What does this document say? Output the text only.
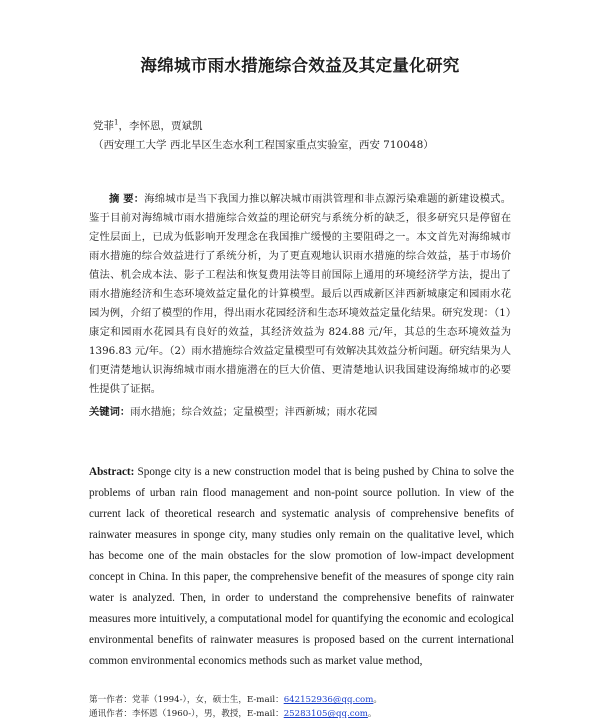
海绵城市雨水措施综合效益及其定量化研究

党菲$^1$，李怀恩，贾斌凯

（西安理工大学 西北旱区生态水利工程国家重点实验室，西安 710048）

摘 要：海绵城市是当下我国力推以解决城市雨洪管理和非点源污染难题的新建设模式。鉴于目前对海绵城市雨水措施综合效益的理论研究与系统分析的缺乏，很多研究只是停留在定性层面上，已成为低影响开发理念在我国推广缓慢的主要阻碍之一。本文首先对海绵城市雨水措施的综合效益进行了系统分析，为了更直观地认识雨水措施的综合效益，基于市场价值法、机会成本法、影子工程法和恢复费用法等目前国际上通用的环境经济学方法，提出了雨水措施经济和生态环境效益定量化的计算模型。最后以西咸新区沣西新城康定和园雨水花园为例，介绍了模型的作用，得出雨水花园经济和生态环境效益定量化结果。研究发现：（1）康定和园雨水花园具有良好的效益，其经济效益为 824.88 元/年，其总的生态环境效益为1396.83 元/年。（2）雨水措施综合效益定量模型可有效解决其效益分析问题。研究结果为人们更清楚地认识海绵城市雨水措施潜在的巨大价值、更清楚地认识我国建设海绵城市的必要性提供了证据。

关键词：雨水措施；综合效益；定量模型；沣西新城；雨水花园

Abstract: Sponge city is a new construction model that is being pushed by China to solve the problems of urban rain flood management and non-point source pollution. In view of the current lack of theoretical research and systematic analysis of comprehensive benefits of rainwater measures in sponge city, many studies only remain on the qualitative level, which has become one of the main obstacles for the slow promotion of low-impact development concept in China. In this paper, the comprehensive benefit of the measures of sponge city rain water is analyzed. Then, in order to understand the comprehensive benefits of rainwater measures more intuitively, a computational model for quantifying the economic and ecological environmental benefits of rainwater measures is proposed based on the current international common environmental economics methods such as market value method,

第一作者：党菲（1994-），女，硕士生，E-mail：642152936@qq.com。
通讯作者：李怀恩（1960-），男，教授，E-mail：25283105@qq.com。
